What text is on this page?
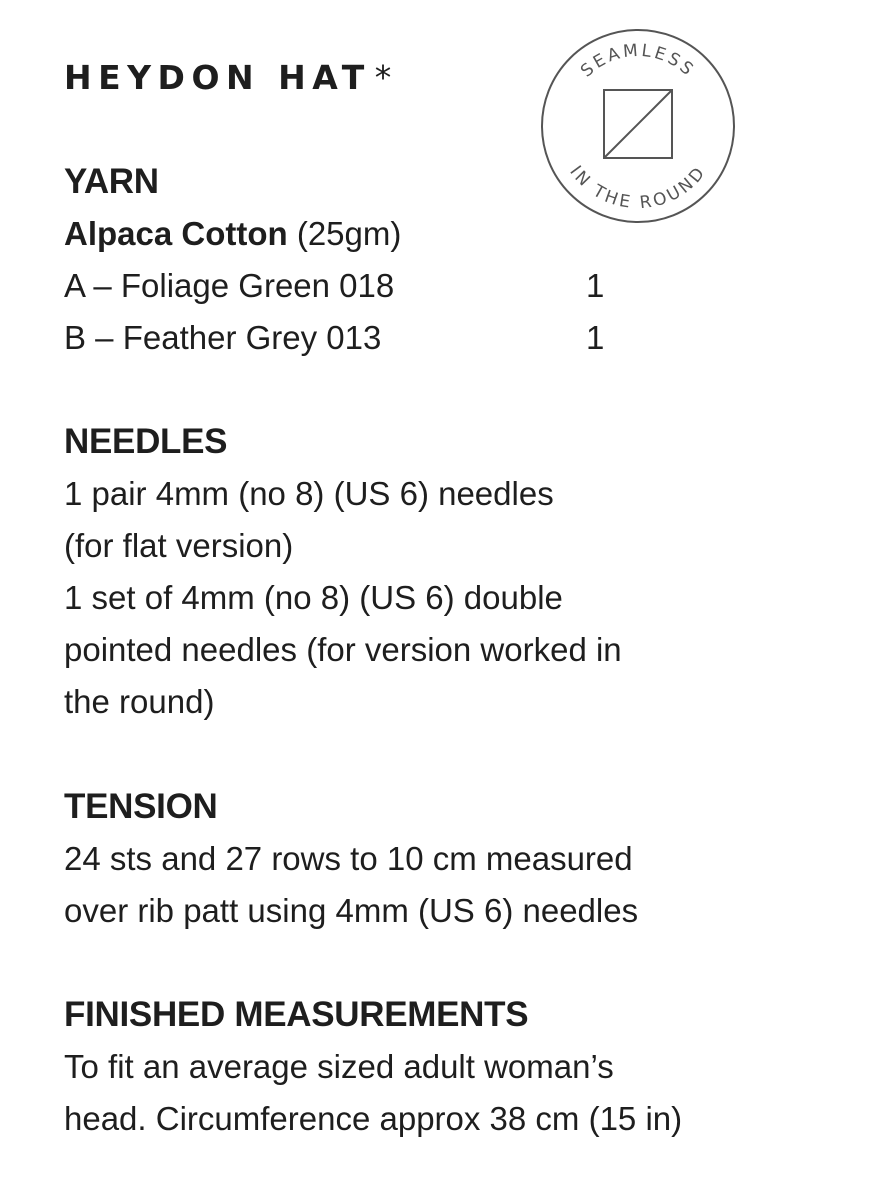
HEYDON HAT *	SEAMLESS
IN THE ROUND
YARN
Alpaca Cotton (25gm)
A – Foliage Green 018	1
B – Feather Grey 013	1
NEEDLES
1 pair 4mm (no 8) (US 6) needles
(for flat version)
1 set of 4mm (no 8) (US 6) double
pointed needles (for version worked in
the round)
TENSION
24 sts and 27 rows to 10 cm measured
over rib patt using 4mm (US 6) needles
FINISHED MEASUREMENTS
To fit an average sized adult woman’s
head. Circumference approx 38 cm (15 in)
